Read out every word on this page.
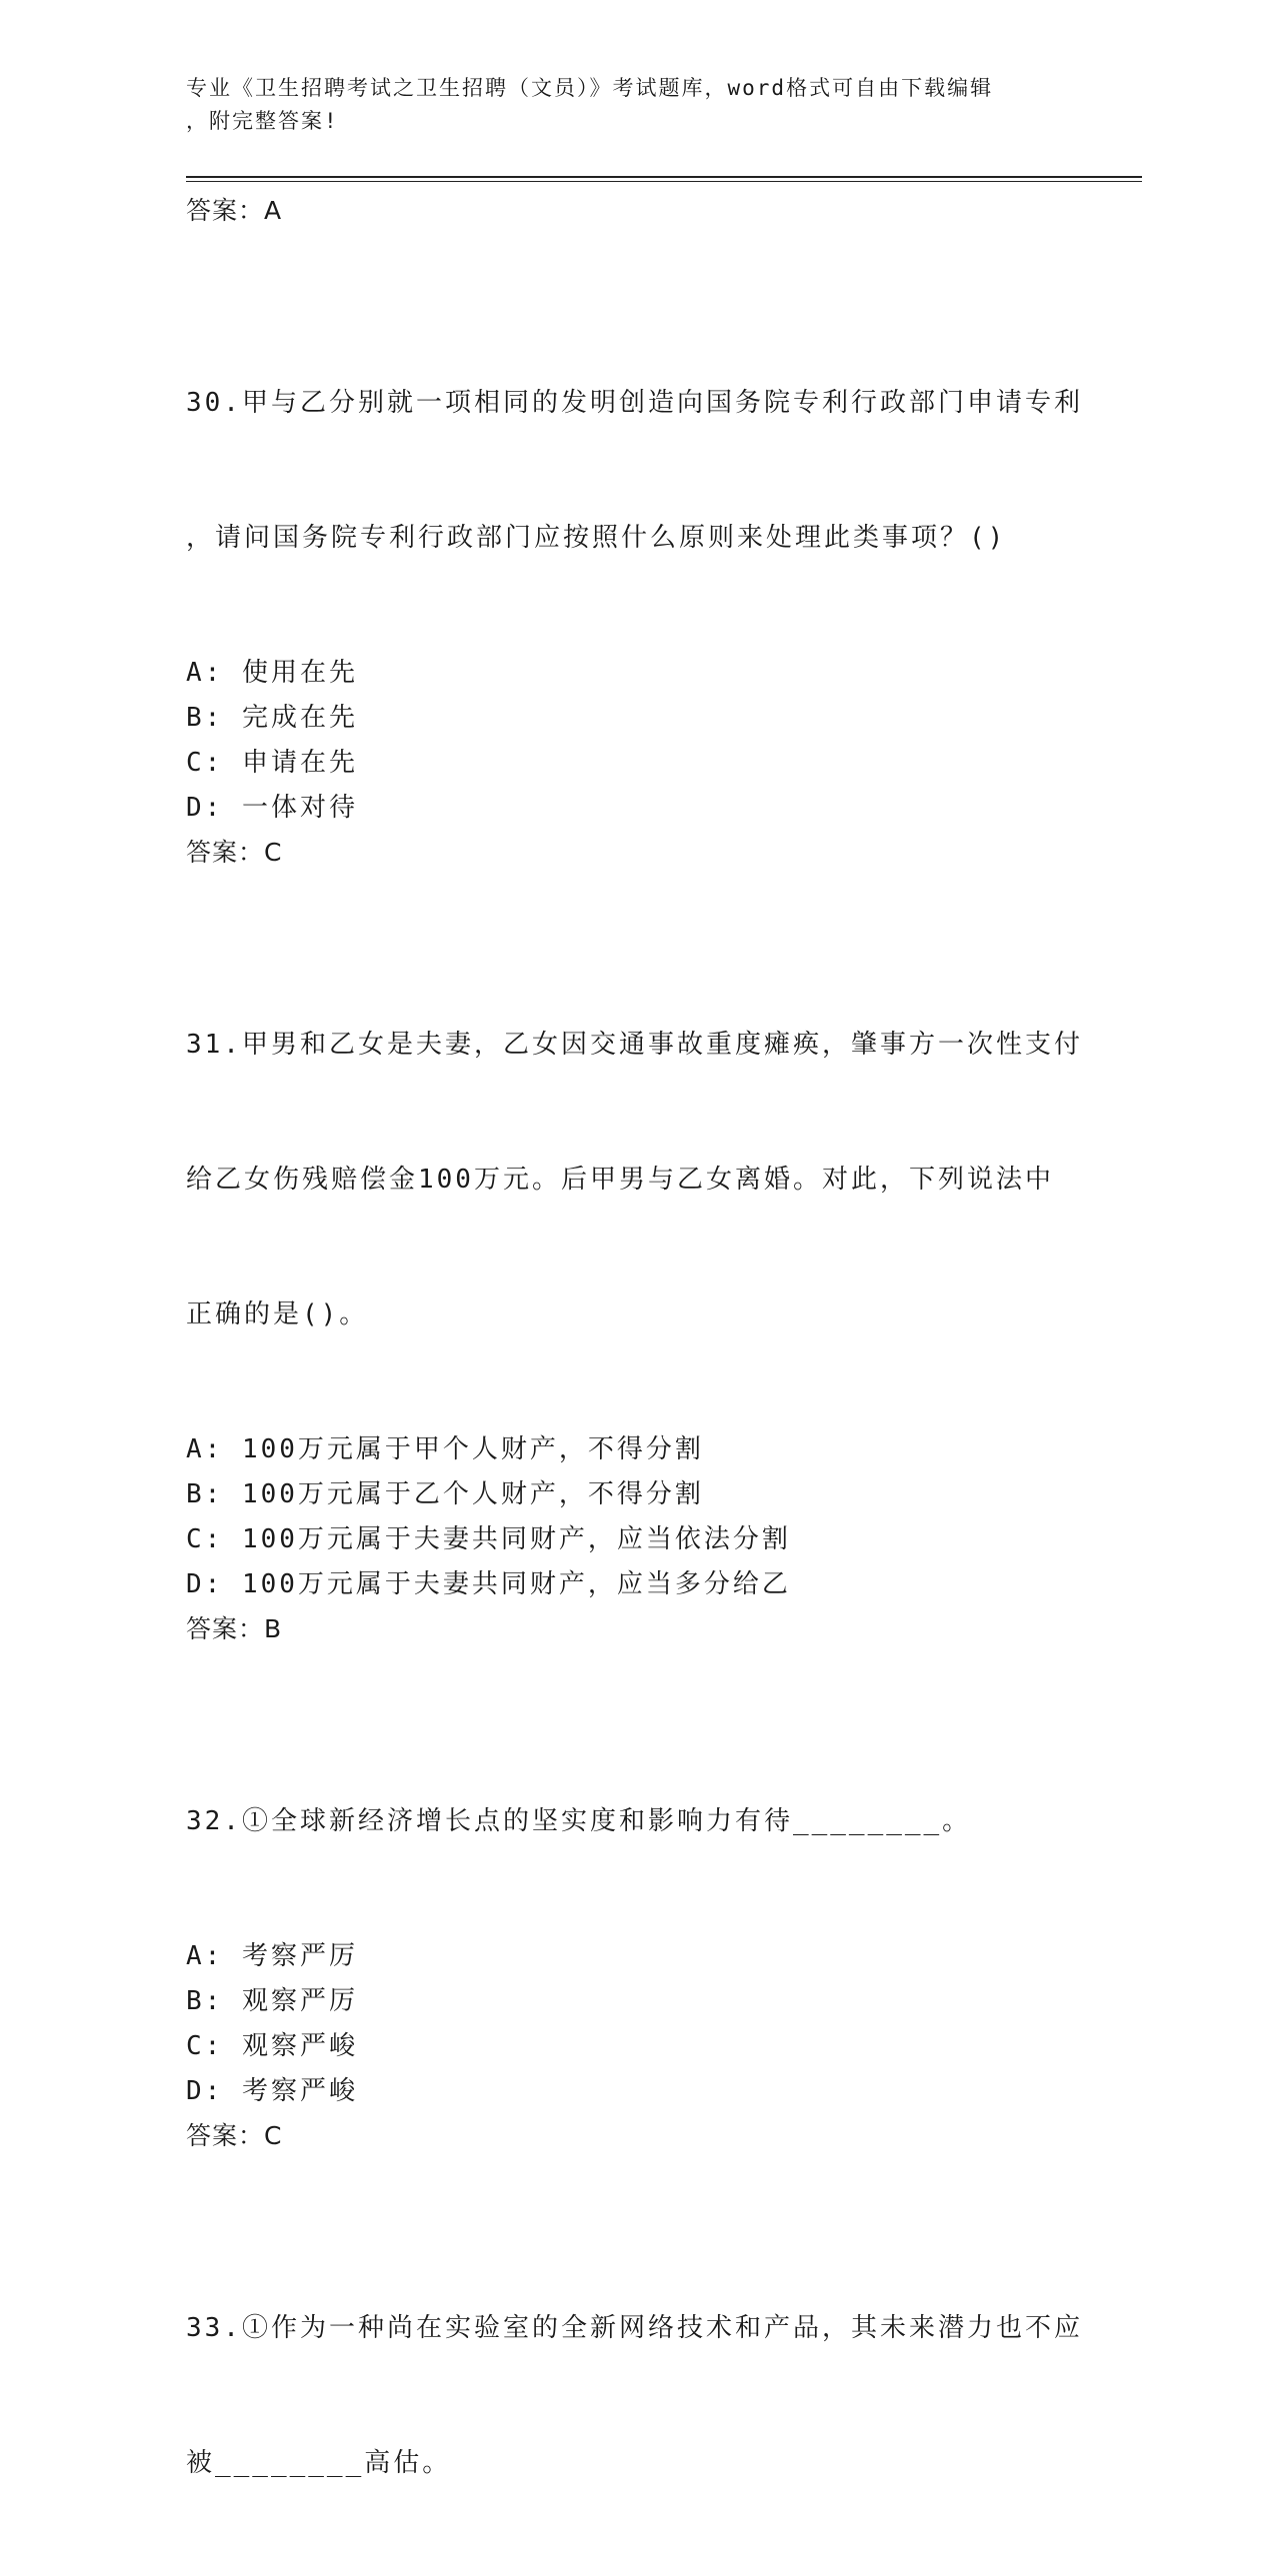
专业《卫生招聘考试之卫生招聘（文员）》考试题库，word格式可自由下载编辑
，附完整答案!
答案：A

30.甲与乙分别就一项相同的发明创造向国务院专利行政部门申请专利

，请问国务院专利行政部门应按照什么原则来处理此类事项？()

A: 使用在先
B: 完成在先
C: 申请在先
D: 一体对待
答案：C

31.甲男和乙女是夫妻，乙女因交通事故重度瘫痪，肇事方一次性支付

给乙女伤残赔偿金100万元。后甲男与乙女离婚。对此，下列说法中

正确的是()。

A: 100万元属于甲个人财产，不得分割
B: 100万元属于乙个人财产，不得分割
C: 100万元属于夫妻共同财产，应当依法分割
D: 100万元属于夫妻共同财产，应当多分给乙
答案：B

32.①全球新经济增长点的坚实度和影响力有待________。

A: 考察严厉
B: 观察严厉
C: 观察严峻
D: 考察严峻
答案：C

33.①作为一种尚在实验室的全新网络技术和产品，其未来潜力也不应

被________高估。
